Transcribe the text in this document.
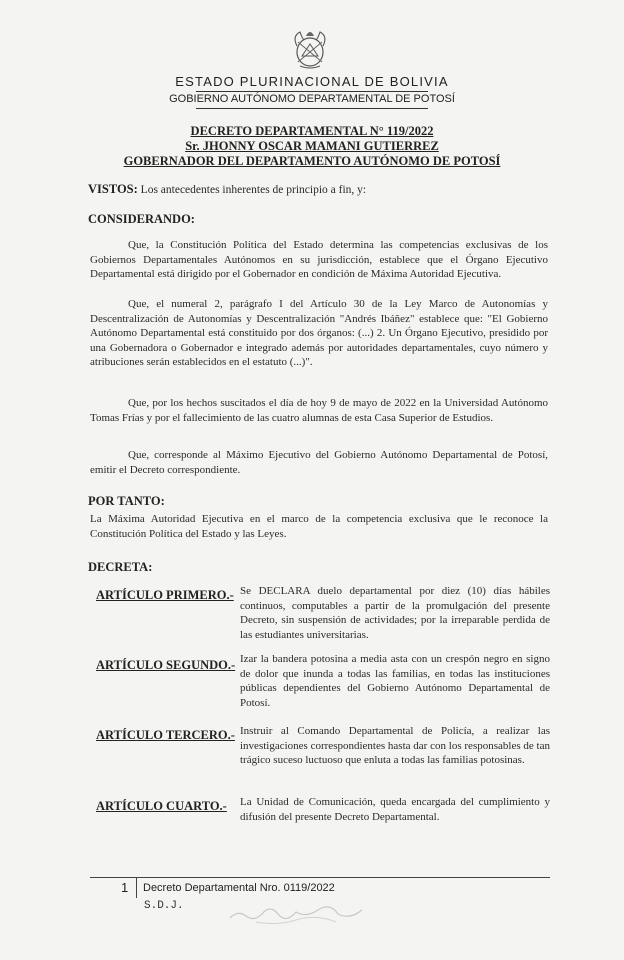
ESTADO PLURINACIONAL DE BOLIVIA
GOBIERNO AUTÓNOMO DEPARTAMENTAL DE POTOSÍ
DECRETO DEPARTAMENTAL N° 119/2022
Sr. JHONNY OSCAR MAMANI GUTIERREZ
GOBERNADOR DEL DEPARTAMENTO AUTÓNOMO DE POTOSÍ
VISTOS: Los antecedentes inherentes de principio a fin, y:
CONSIDERANDO:
Que, la Constitución Política del Estado determina las competencias exclusivas de los Gobiernos Departamentales Autónomos en su jurisdicción, establece que el Órgano Ejecutivo Departamental está dirigido por el Gobernador en condición de Máxima Autoridad Ejecutiva.
Que, el numeral 2, parágrafo I del Artículo 30 de la Ley Marco de Autonomías y Descentralización de Autonomías y Descentralización "Andrés Ibáñez" establece que: "El Gobierno Autónomo Departamental está constituido por dos órganos: (...) 2. Un Órgano Ejecutivo, presidido por una Gobernadora o Gobernador e integrado además por autoridades departamentales, cuyo número y atribuciones serán establecidos en el estatuto (...)".
Que, por los hechos suscitados el día de hoy 9 de mayo de 2022 en la Universidad Autónomo Tomas Frías y por el fallecimiento de las cuatro alumnas de esta Casa Superior de Estudios.
Que, corresponde al Máximo Ejecutivo del Gobierno Autónomo Departamental de Potosí, emitir el Decreto correspondiente.
POR TANTO:
La Máxima Autoridad Ejecutiva en el marco de la competencia exclusiva que le reconoce la Constitución Política del Estado y las Leyes.
DECRETA:
ARTÍCULO PRIMERO.- Se DECLARA duelo departamental por diez (10) días hábiles continuos, computables a partir de la promulgación del presente Decreto, sin suspensión de actividades; por la irreparable perdida de las estudiantes universitarias.
ARTÍCULO SEGUNDO.- Izar la bandera potosina a media asta con un crespón negro en signo de dolor que inunda a todas las familias, en todas las instituciones públicas dependientes del Gobierno Autónomo Departamental de Potosí.
ARTÍCULO TERCERO.- Instruir al Comando Departamental de Policía, a realizar las investigaciones correspondientes hasta dar con los responsables de tan trágico suceso luctuoso que enluta a todas las familias potosinas.
ARTÍCULO CUARTO.- La Unidad de Comunicación, queda encargada del cumplimiento y difusión del presente Decreto Departamental.
1 Decreto Departamental Nro. 0119/2022
S.D.J.
